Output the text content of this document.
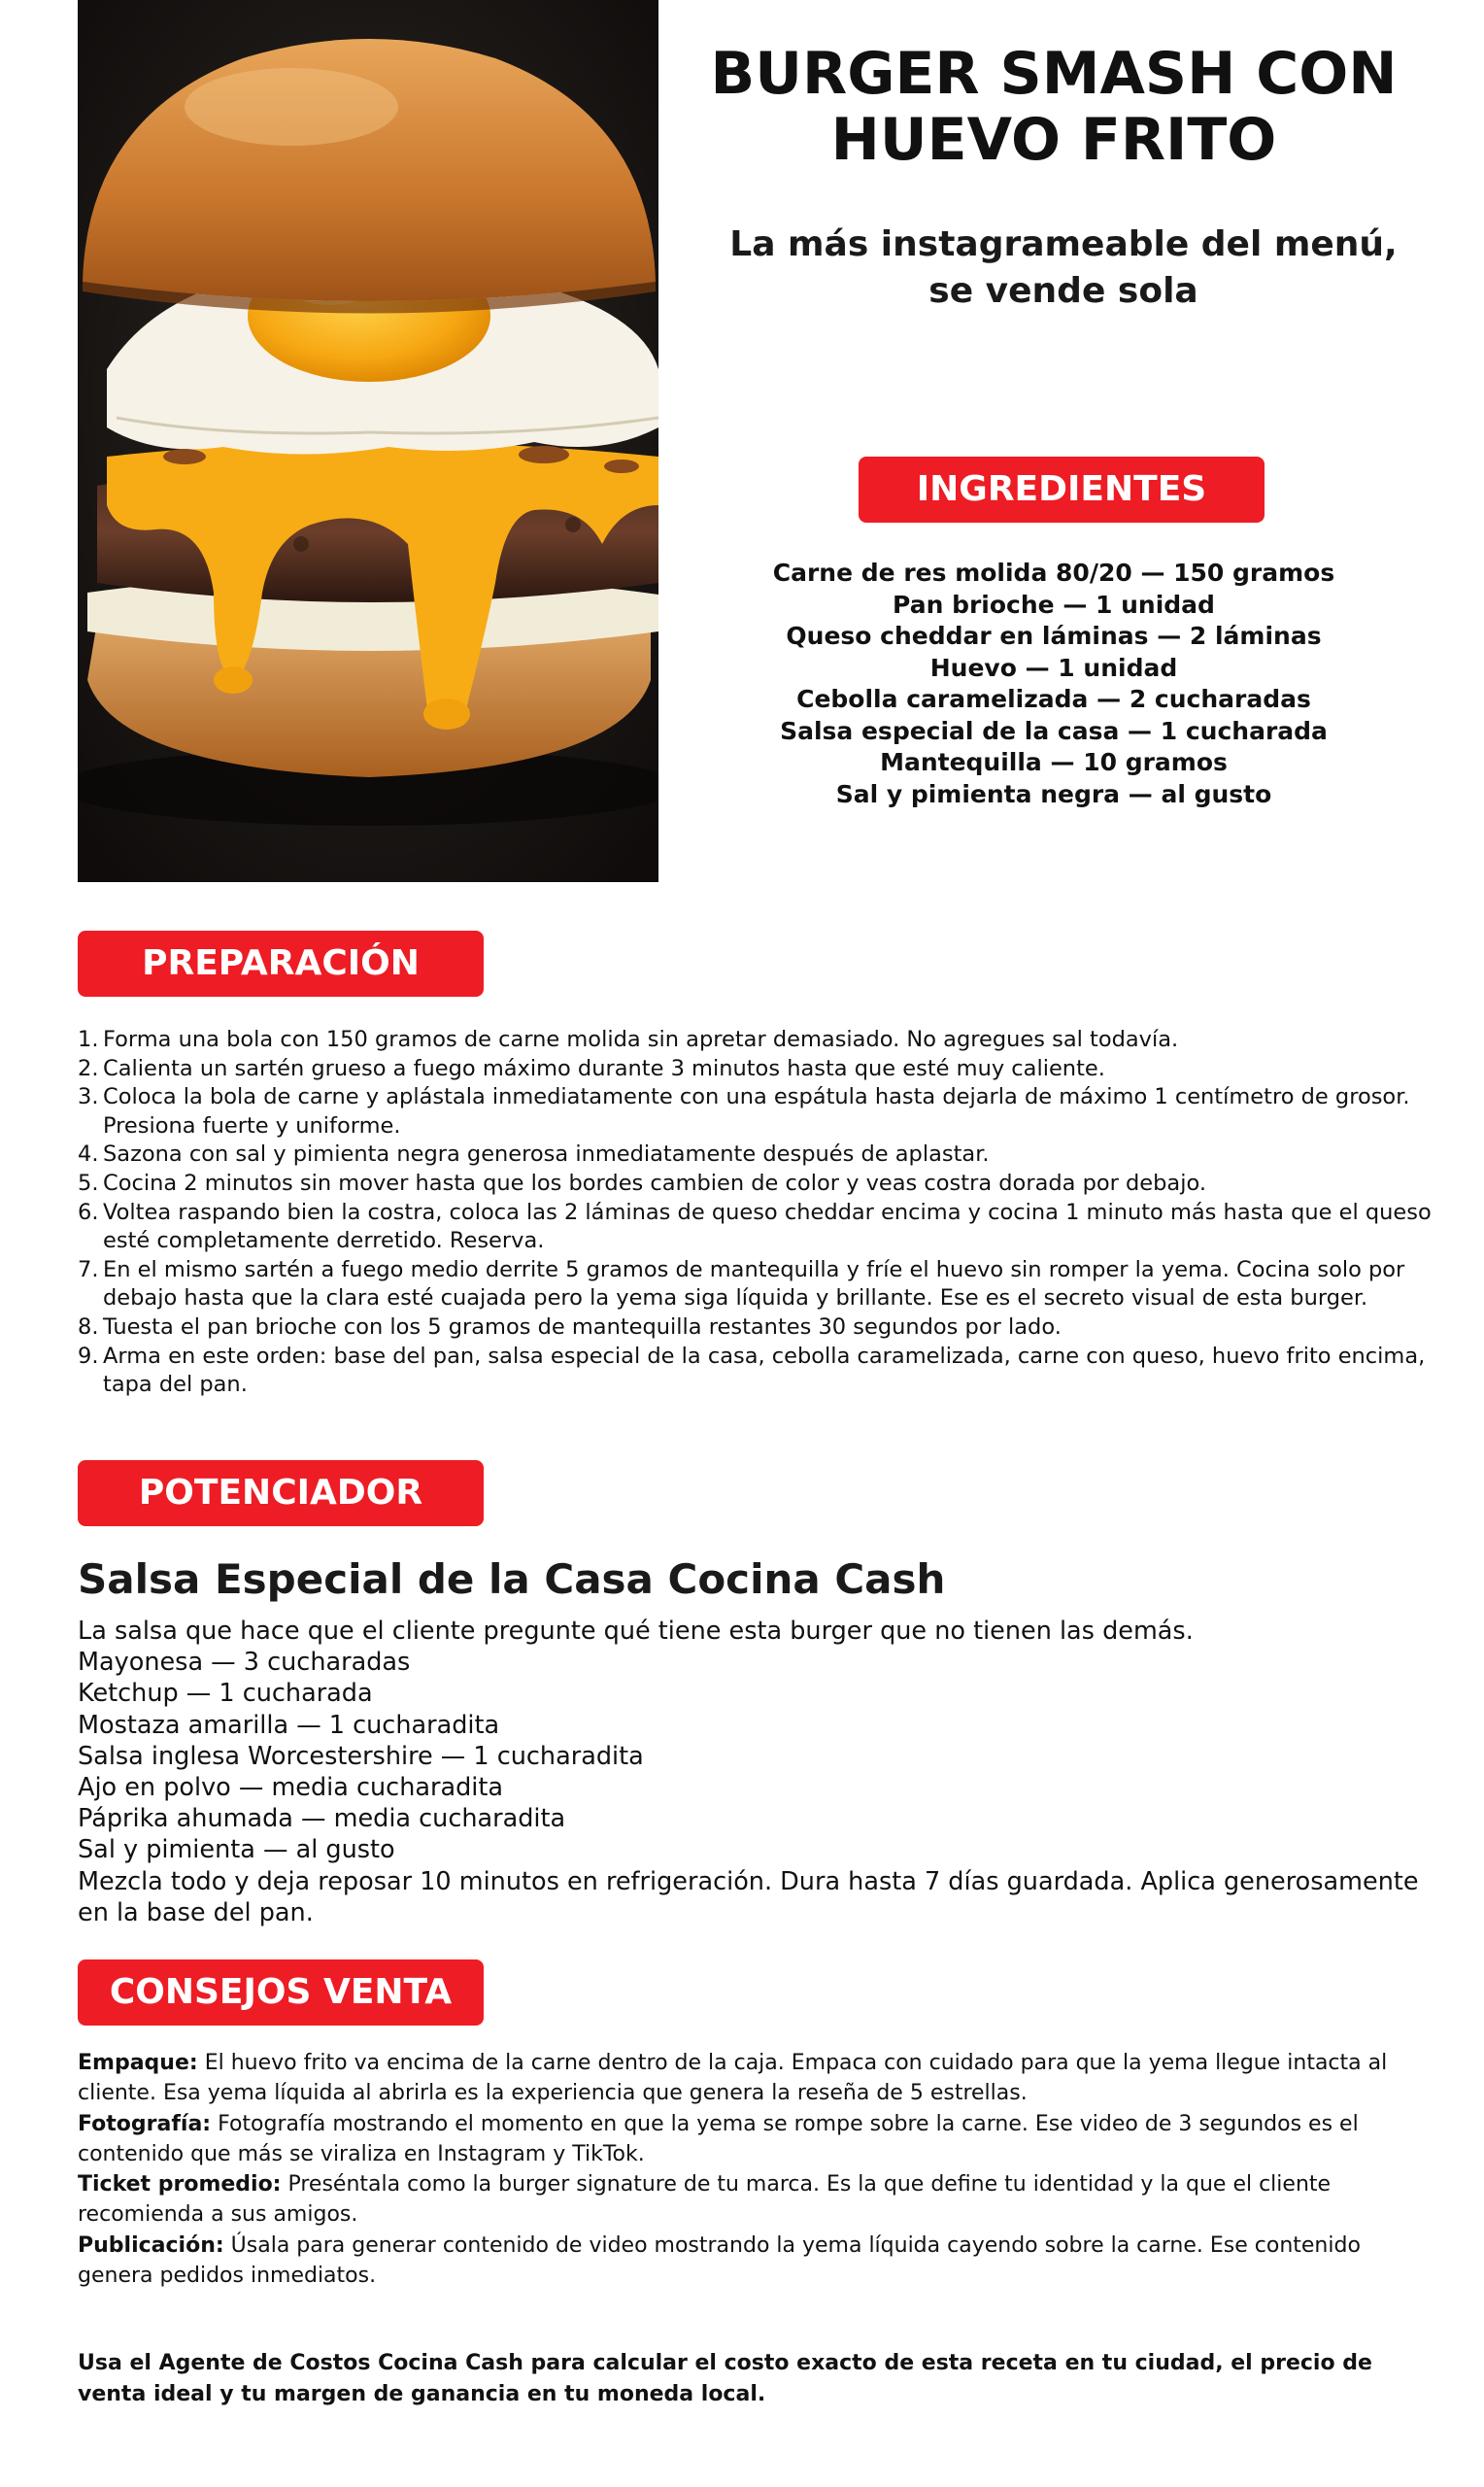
BURGER SMASH CON
HUEVO FRITO

La más instagrameable del menú, se vende sola

INGREDIENTES
Carne de res molida 80/20 — 150 gramos
Pan brioche — 1 unidad
Queso cheddar en láminas — 2 láminas
Huevo — 1 unidad
Cebolla caramelizada — 2 cucharadas
Salsa especial de la casa — 1 cucharada
Mantequilla — 10 gramos
Sal y pimienta negra — al gusto
PREPARACIÓN
Forma una bola con 150 gramos de carne molida sin apretar demasiado. No agregues sal todavía.
Calienta un sartén grueso a fuego máximo durante 3 minutos hasta que esté muy caliente.
Coloca la bola de carne y aplástala inmediatamente con una espátula hasta dejarla de máximo 1 centímetro de grosor. Presiona fuerte y uniforme.
Sazona con sal y pimienta negra generosa inmediatamente después de aplastar.
Cocina 2 minutos sin mover hasta que los bordes cambien de color y veas costra dorada por debajo.
Voltea raspando bien la costra, coloca las 2 láminas de queso cheddar encima y cocina 1 minuto más hasta que el queso esté completamente derretido. Reserva.
En el mismo sartén a fuego medio derrite 5 gramos de mantequilla y fríe el huevo sin romper la yema. Cocina solo por debajo hasta que la clara esté cuajada pero la yema siga líquida y brillante. Ese es el secreto visual de esta burger.
Tuesta el pan brioche con los 5 gramos de mantequilla restantes 30 segundos por lado.
Arma en este orden: base del pan, salsa especial de la casa, cebolla caramelizada, carne con queso, huevo frito encima, tapa del pan.
POTENCIADOR
Salsa Especial de la Casa Cocina Cash
La salsa que hace que el cliente pregunte qué tiene esta burger que no tienen las demás.
Mayonesa — 3 cucharadas
Ketchup — 1 cucharada
Mostaza amarilla — 1 cucharadita
Salsa inglesa Worcestershire — 1 cucharadita
Ajo en polvo — media cucharadita
Páprika ahumada — media cucharadita
Sal y pimienta — al gusto
Mezcla todo y deja reposar 10 minutos en refrigeración. Dura hasta 7 días guardada. Aplica generosamente en la base del pan.
CONSEJOS VENTA

Empaque: El huevo frito va encima de la carne dentro de la caja. Empaca con cuidado para que la yema llegue intacta al cliente. Esa yema líquida al abrirla es la experiencia que genera la reseña de 5 estrellas.

Fotografía: Fotografía mostrando el momento en que la yema se rompe sobre la carne. Ese video de 3 segundos es el contenido que más se viraliza en Instagram y TikTok.

Ticket promedio: Preséntala como la burger signature de tu marca. Es la que define tu identidad y la que el cliente recomienda a sus amigos.

Publicación: Úsala para generar contenido de video mostrando la yema líquida cayendo sobre la carne. Ese contenido genera pedidos inmediatos.

Usa el Agente de Costos Cocina Cash para calcular el costo exacto de esta receta en tu ciudad, el precio de venta ideal y tu margen de ganancia en tu moneda local.
